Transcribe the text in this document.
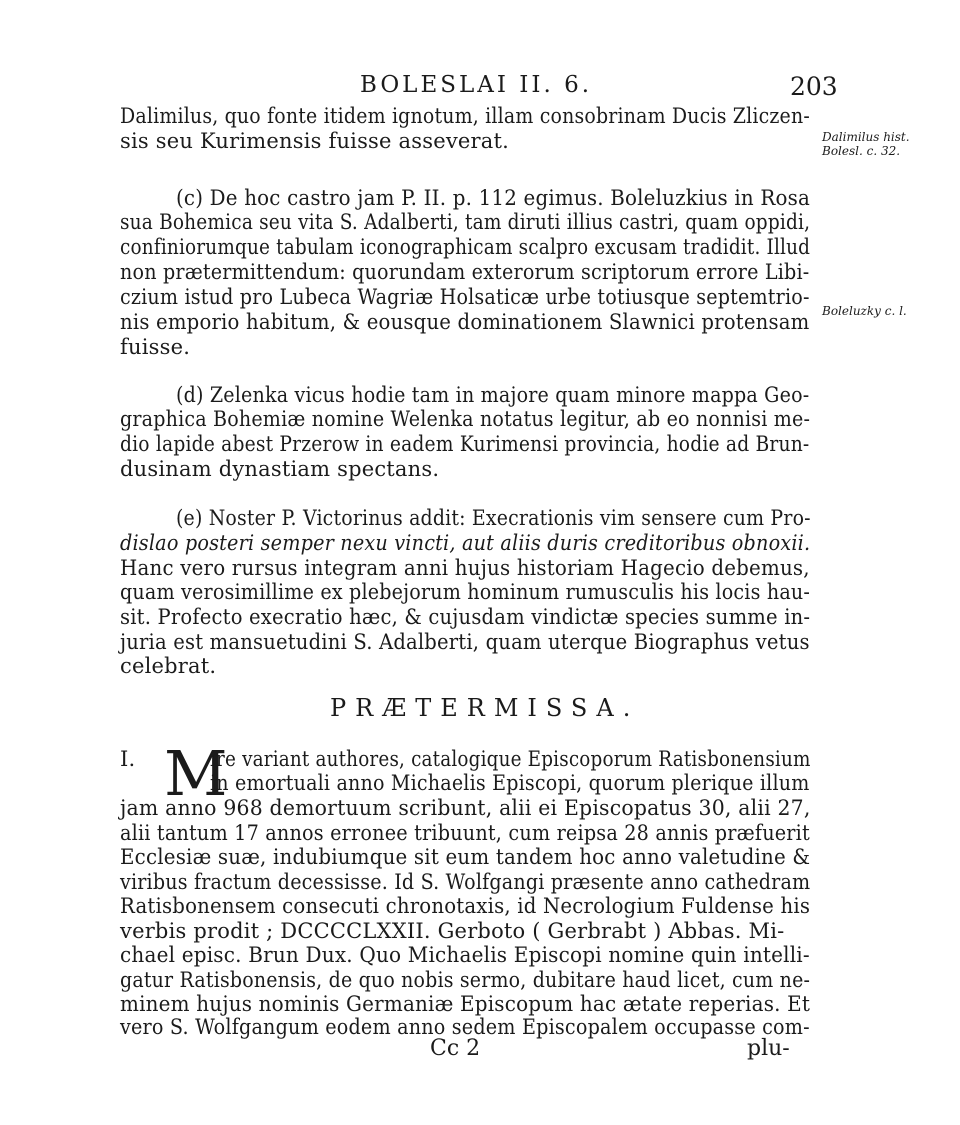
BOLESLAI II. 6.	203
Dalimilus hist.
Bolesl. c. 32.
Boleluzky c. l.
Dalimilus, quo fonte itidem ignotum, illam consobrinam Ducis Zliczen-
sis seu Kurimensis fuisse asseverat.
(c) De hoc castro jam P. II. p. 112 egimus. Boleluzkius in Rosa
sua Bohemica seu vita S. Adalberti, tam diruti illius castri, quam oppidi,
confiniorumque tabulam iconographicam scalpro excusam tradidit. Illud
non prætermittendum: quorundam exterorum scriptorum errore Libi-
czium istud pro Lubeca Wagriæ Holsaticæ urbe totiusque septemtrio-
nis emporio habitum, & eousque dominationem Slawnici protensam
fuisse.
(d) Zelenka vicus hodie tam in majore quam minore mappa Geo-
graphica Bohemiæ nomine Welenka notatus legitur, ab eo nonnisi me-
dio lapide abest Przerow in eadem Kurimensi provincia, hodie ad Brun-
dusinam dynastiam spectans.
(e) Noster P. Victorinus addit: Execrationis vim sensere cum Pro-
dislao posteri semper nexu vincti, aut aliis duris creditoribus obnoxii.
Hanc vero rursus integram anni hujus historiam Hagecio debemus,
quam verosimillime ex plebejorum hominum rumusculis his locis hau-
sit. Profecto execratio hæc, & cujusdam vindictæ species summe in-
juria est mansuetudini S. Adalberti, quam uterque Biographus vetus
celebrat.
PRÆTERMISSA.
I. M
ire variant authores, catalogique Episcoporum Ratisbonensium
in emortuali anno Michaelis Episcopi, quorum plerique illum
jam anno 968 demortuum scribunt, alii ei Episcopatus 30, alii 27,
alii tantum 17 annos erronee tribuunt, cum reipsa 28 annis præfuerit
Ecclesiæ suæ, indubiumque sit eum tandem hoc anno valetudine &
viribus fractum decessisse. Id S. Wolfgangi præsente anno cathedram
Ratisbonensem consecuti chronotaxis, id Necrologium Fuldense his
verbis prodit ; DCCCCLXXII. Gerboto ( Gerbrabt ) Abbas. Mi-
chael episc. Brun Dux. Quo Michaelis Episcopi nomine quin intelli-
gatur Ratisbonensis, de quo nobis sermo, dubitare haud licet, cum ne-
minem hujus nominis Germaniæ Episcopum hac ætate reperias. Et
vero S. Wolfgangum eodem anno sedem Episcopalem occupasse com-
Cc 2	plu-
